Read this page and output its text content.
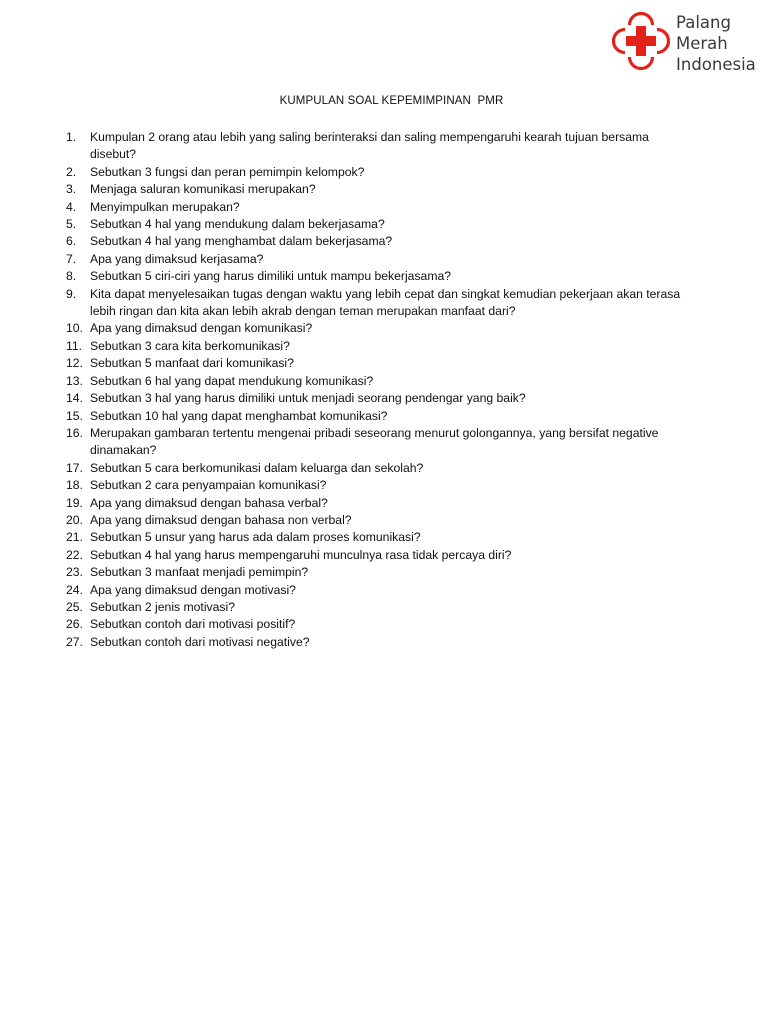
Palang
Merah
Indonesia
KUMPULAN SOAL KEPEMIMPINAN  PMR
1.	Kumpulan 2 orang atau lebih yang saling berinteraksi dan saling mempengaruhi kearah tujuan bersama disebut?
2.	Sebutkan 3 fungsi dan peran pemimpin kelompok?
3.	Menjaga saluran komunikasi merupakan?
4.	Menyimpulkan merupakan?
5.	Sebutkan 4 hal yang mendukung dalam bekerjasama?
6.	Sebutkan 4 hal yang menghambat dalam bekerjasama?
7.	Apa yang dimaksud kerjasama?
8.	Sebutkan 5 ciri-ciri yang harus dimiliki untuk mampu bekerjasama?
9.	Kita dapat menyelesaikan tugas dengan waktu yang lebih cepat dan singkat kemudian pekerjaan akan terasa lebih ringan dan kita akan lebih akrab dengan teman merupakan manfaat dari?
10. Apa yang dimaksud dengan komunikasi?
11. Sebutkan 3 cara kita berkomunikasi?
12. Sebutkan 5 manfaat dari komunikasi?
13. Sebutkan 6 hal yang dapat mendukung komunikasi?
14. Sebutkan 3 hal yang harus dimiliki untuk menjadi seorang pendengar yang baik?
15. Sebutkan 10 hal yang dapat menghambat komunikasi?
16. Merupakan gambaran tertentu mengenai pribadi seseorang menurut golongannya, yang bersifat negative dinamakan?
17. Sebutkan 5 cara berkomunikasi dalam keluarga dan sekolah?
18. Sebutkan 2 cara penyampaian komunikasi?
19. Apa yang dimaksud dengan bahasa verbal?
20. Apa yang dimaksud dengan bahasa non verbal?
21. Sebutkan 5 unsur yang harus ada dalam proses komunikasi?
22. Sebutkan 4 hal yang harus mempengaruhi munculnya rasa tidak percaya diri?
23. Sebutkan 3 manfaat menjadi pemimpin?
24. Apa yang dimaksud dengan motivasi?
25. Sebutkan 2 jenis motivasi?
26. Sebutkan contoh dari motivasi positif?
27. Sebutkan contoh dari motivasi negative?
